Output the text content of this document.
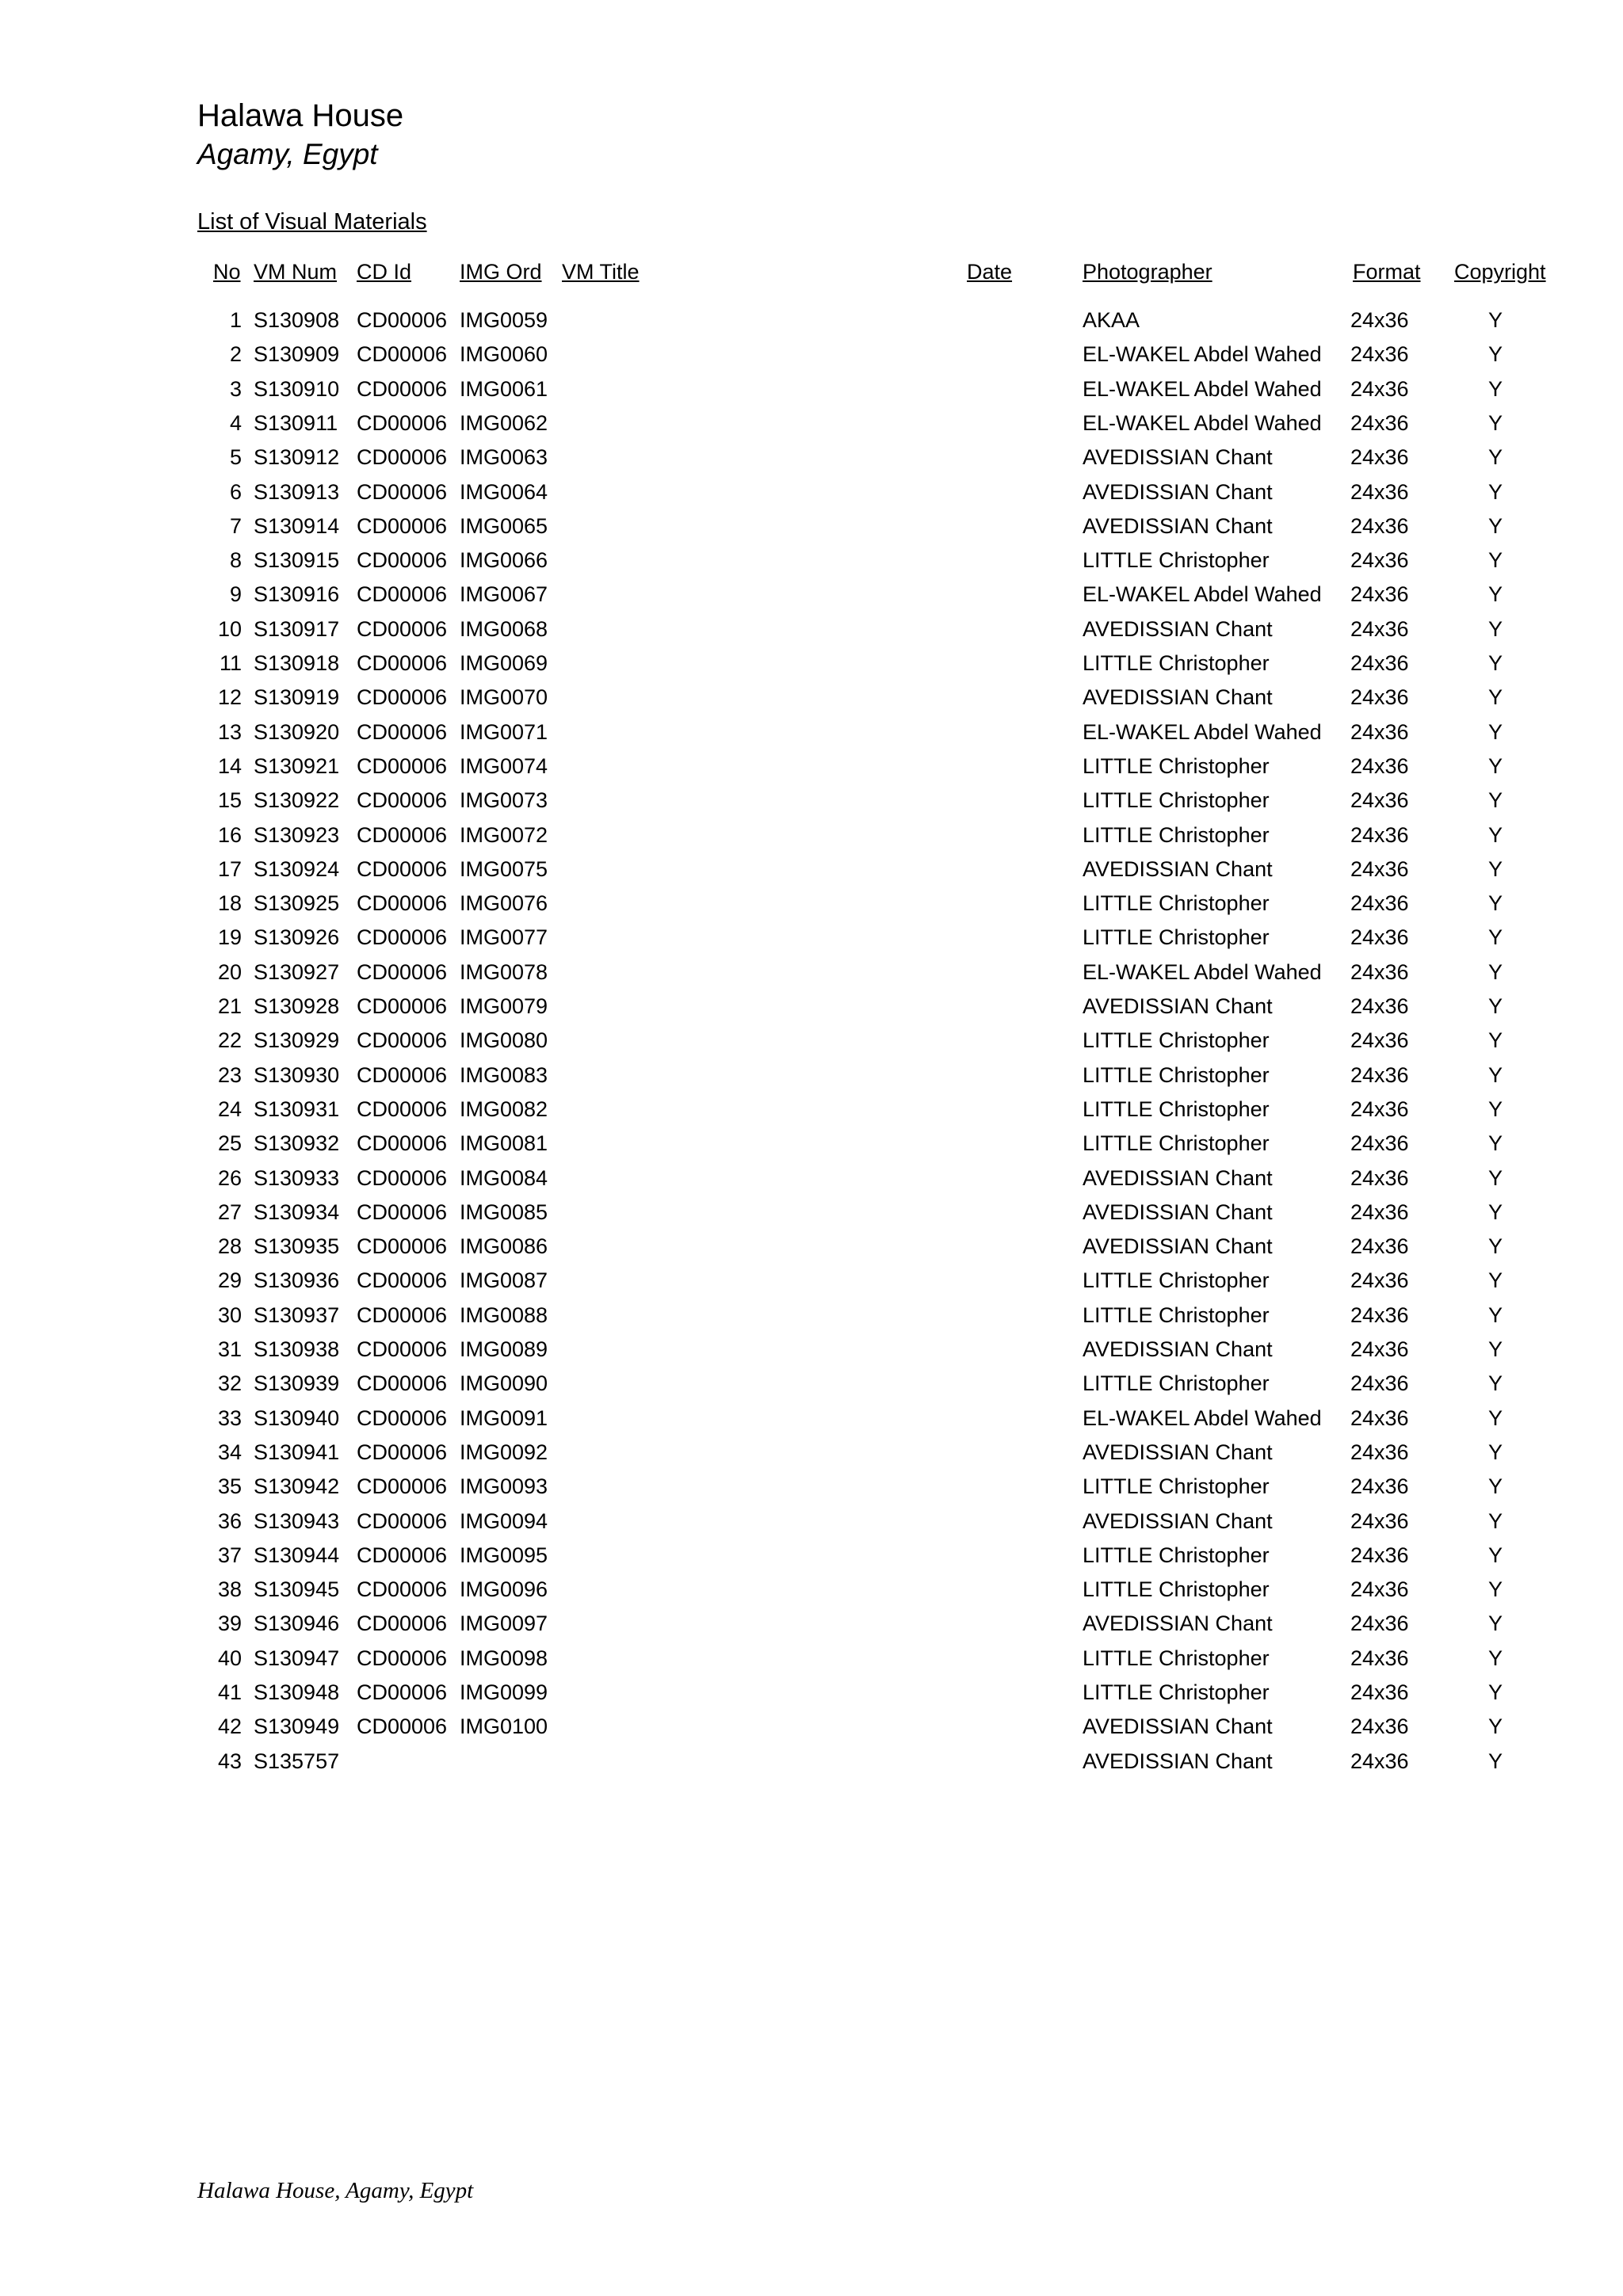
Halawa House
Agamy, Egypt
List of Visual Materials
No VM Num CD Id IMG Ord VM Title	Date	Photographer	Format Copyright
1 S130908 CD00006 IMG0059	AKAA	24x36	Y
2 S130909 CD00006 IMG0060	EL-WAKEL Abdel Wahed 24x36	Y
3 S130910 CD00006 IMG0061	EL-WAKEL Abdel Wahed 24x36	Y
4 S130911 CD00006 IMG0062	EL-WAKEL Abdel Wahed 24x36	Y
5 S130912 CD00006 IMG0063	AVEDISSIAN Chant	24x36	Y
6 S130913 CD00006 IMG0064	AVEDISSIAN Chant	24x36	Y
7 S130914 CD00006 IMG0065	AVEDISSIAN Chant	24x36	Y
8 S130915 CD00006 IMG0066	LITTLE Christopher	24x36	Y
9 S130916 CD00006 IMG0067	EL-WAKEL Abdel Wahed 24x36	Y
10 S130917 CD00006 IMG0068	AVEDISSIAN Chant	24x36	Y
11 S130918 CD00006 IMG0069	LITTLE Christopher	24x36	Y
12 S130919 CD00006 IMG0070	AVEDISSIAN Chant	24x36	Y
13 S130920 CD00006 IMG0071	EL-WAKEL Abdel Wahed 24x36	Y
14 S130921 CD00006 IMG0074	LITTLE Christopher	24x36	Y
15 S130922 CD00006 IMG0073	LITTLE Christopher	24x36	Y
16 S130923 CD00006 IMG0072	LITTLE Christopher	24x36	Y
17 S130924 CD00006 IMG0075	AVEDISSIAN Chant	24x36	Y
18 S130925 CD00006 IMG0076	LITTLE Christopher	24x36	Y
19 S130926 CD00006 IMG0077	LITTLE Christopher	24x36	Y
20 S130927 CD00006 IMG0078	EL-WAKEL Abdel Wahed 24x36	Y
21 S130928 CD00006 IMG0079	AVEDISSIAN Chant	24x36	Y
22 S130929 CD00006 IMG0080	LITTLE Christopher	24x36	Y
23 S130930 CD00006 IMG0083	LITTLE Christopher	24x36	Y
24 S130931 CD00006 IMG0082	LITTLE Christopher	24x36	Y
25 S130932 CD00006 IMG0081	LITTLE Christopher	24x36	Y
26 S130933 CD00006 IMG0084	AVEDISSIAN Chant	24x36	Y
27 S130934 CD00006 IMG0085	AVEDISSIAN Chant	24x36	Y
28 S130935 CD00006 IMG0086	AVEDISSIAN Chant	24x36	Y
29 S130936 CD00006 IMG0087	LITTLE Christopher	24x36	Y
30 S130937 CD00006 IMG0088	LITTLE Christopher	24x36	Y
31 S130938 CD00006 IMG0089	AVEDISSIAN Chant	24x36	Y
32 S130939 CD00006 IMG0090	LITTLE Christopher	24x36	Y
33 S130940 CD00006 IMG0091	EL-WAKEL Abdel Wahed 24x36	Y
34 S130941 CD00006 IMG0092	AVEDISSIAN Chant	24x36	Y
35 S130942 CD00006 IMG0093	LITTLE Christopher	24x36	Y
36 S130943 CD00006 IMG0094	AVEDISSIAN Chant	24x36	Y
37 S130944 CD00006 IMG0095	LITTLE Christopher	24x36	Y
38 S130945 CD00006 IMG0096	LITTLE Christopher	24x36	Y
39 S130946 CD00006 IMG0097	AVEDISSIAN Chant	24x36	Y
40 S130947 CD00006 IMG0098	LITTLE Christopher	24x36	Y
41 S130948 CD00006 IMG0099	LITTLE Christopher	24x36	Y
42 S130949 CD00006 IMG0100	AVEDISSIAN Chant	24x36	Y
43 S135757	AVEDISSIAN Chant	24x36	Y
Halawa House, Agamy, Egypt
